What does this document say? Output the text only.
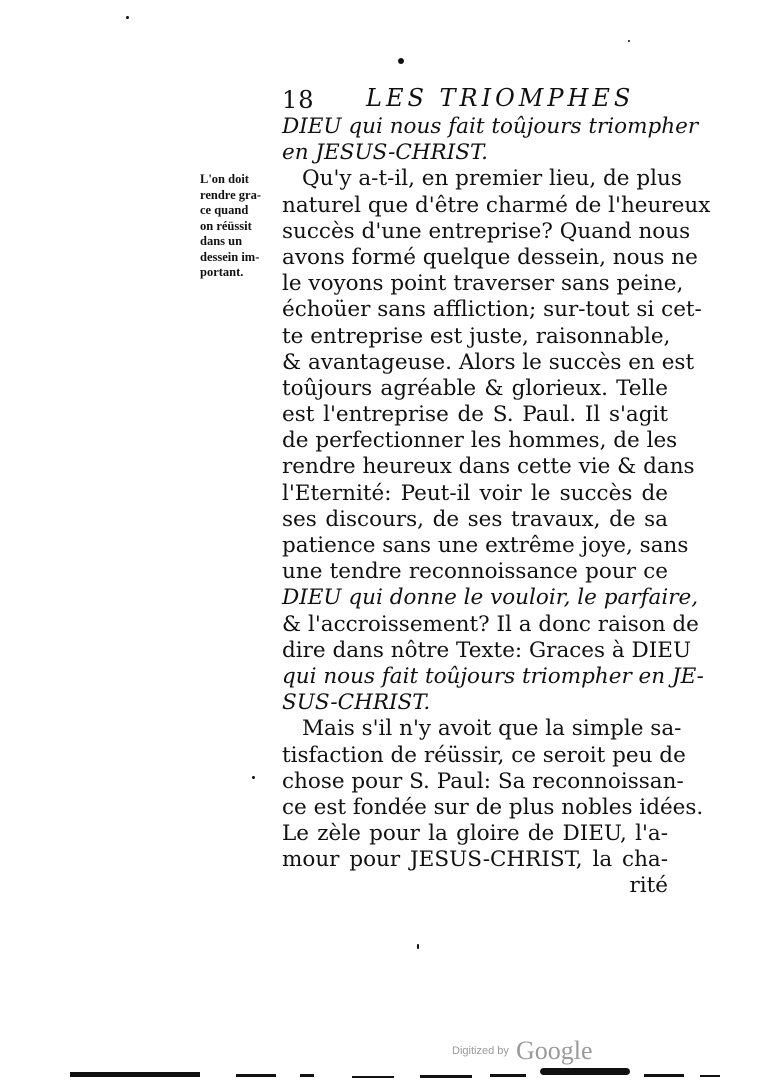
18 LES TRIOMPHES
L'on doit
rendre gra-
ce quand
on réüssit
dans un
dessein im-
portant.
DIEU qui nous fait toûjours triompher
en JESUS-CHRIST.
Qu'y a-t-il, en premier lieu, de plus
naturel que d'être charmé de l'heureux
succès d'une entreprise? Quand nous
avons formé quelque dessein, nous ne
le voyons point traverser sans peine,
échoüer sans affliction; sur-tout si cet-
te entreprise est juste, raisonnable,
& avantageuse. Alors le succès en est
toûjours agréable & glorieux. Telle
est l'entreprise de S. Paul. Il s'agit
de perfectionner les hommes, de les
rendre heureux dans cette vie & dans
l'Eternité: Peut-il voir le succès de
ses discours, de ses travaux, de sa
patience sans une extrême joye, sans
une tendre reconnoissance pour ce
DIEU qui donne le vouloir, le parfaire,
& l'accroissement? Il a donc raison de
dire dans nôtre Texte: Graces à DIEU
qui nous fait toûjours triompher en JE-
SUS-CHRIST.
Mais s'il n'y avoit que la simple sa-
tisfaction de réüssir, ce seroit peu de
chose pour S. Paul: Sa reconnoissan-
ce est fondée sur de plus nobles idées.
Le zèle pour la gloire de DIEU, l'a-
mour pour JESUS-CHRIST, la cha-
rité
Digitized by Google
